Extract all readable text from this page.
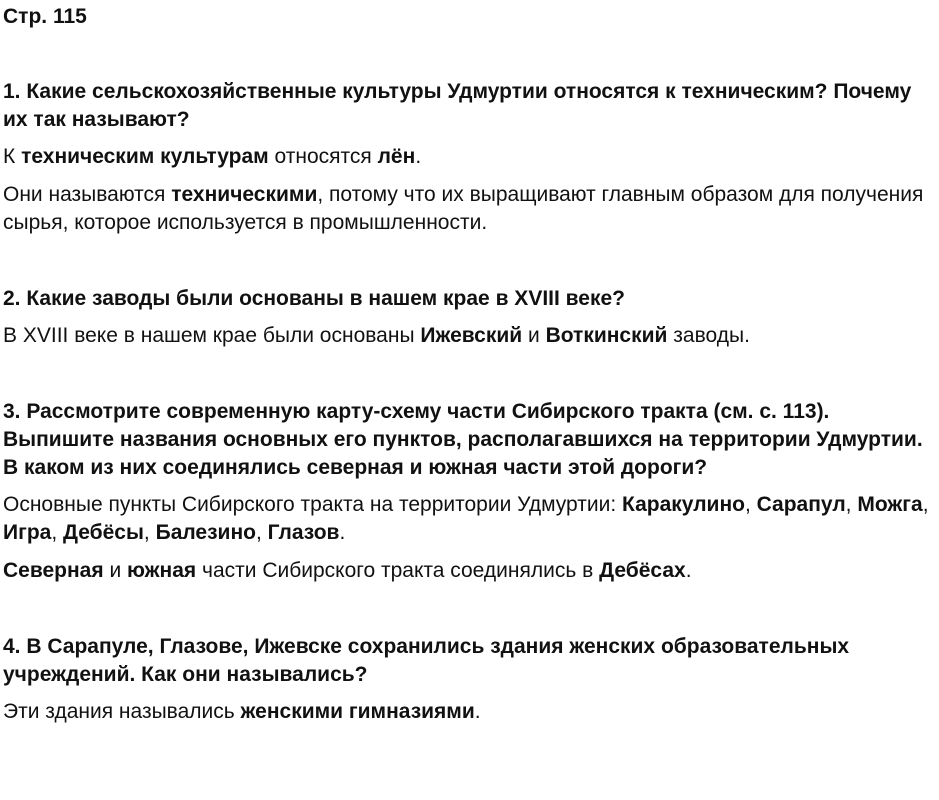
Стр. 115

1. Какие сельскохозяйственные культуры Удмуртии относятся к техническим? Почему их так называют?

К техническим культурам относятся лён.

Они называются техническими, потому что их выращивают главным образом для получения сырья, которое используется в промышленности.

2. Какие заводы были основаны в нашем крае в XVIII веке?

В XVIII веке в нашем крае были основаны Ижевский и Воткинский заводы.

3. Рассмотрите современную карту-схему части Сибирского тракта (см. с. 113). Выпишите названия основных его пунктов, располагавшихся на территории Удмуртии. В каком из них соединялись северная и южная части этой дороги?

Основные пункты Сибирского тракта на территории Удмуртии: Каракулино, Сарапул, Можга, Игра, Дебёсы, Балезино, Глазов.

Северная и южная части Сибирского тракта соединялись в Дебёсах.

4. В Сарапуле, Глазове, Ижевске сохранились здания женских образовательных учреждений. Как они назывались?

Эти здания назывались женскими гимназиями.
